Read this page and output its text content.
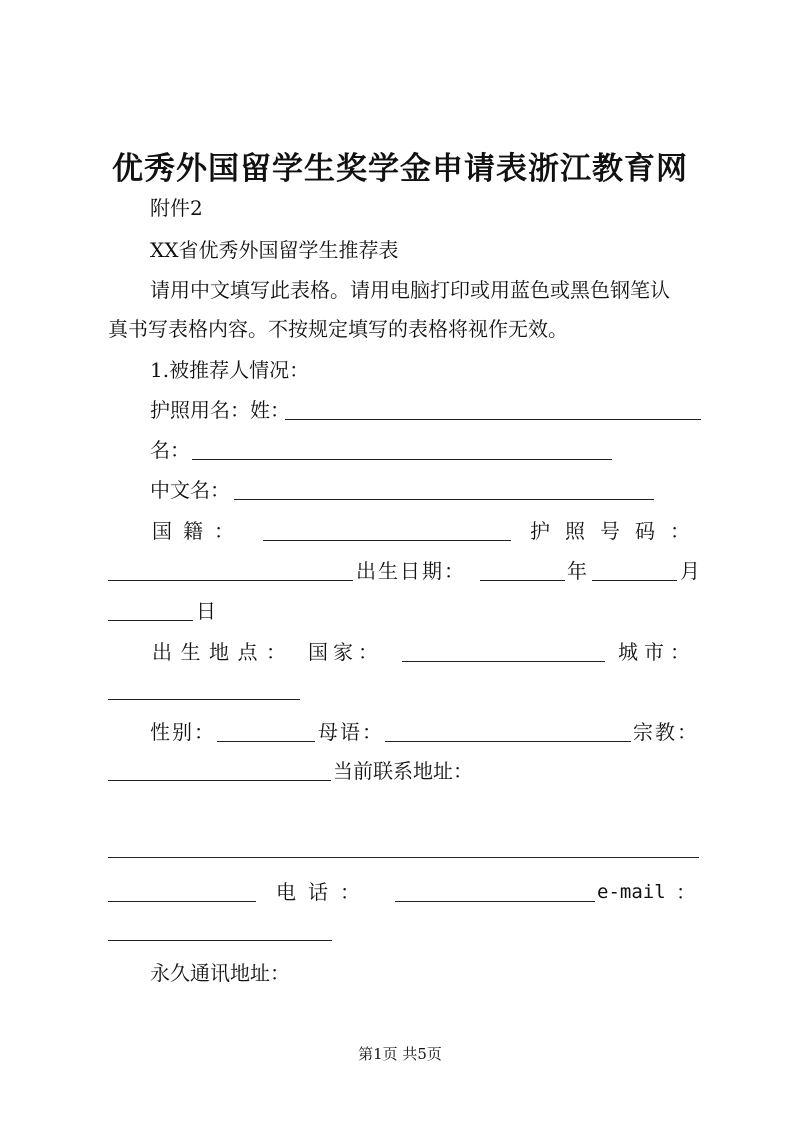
优秀外国留学生奖学金申请表浙江教育网
附件2
XX省优秀外国留学生推荐表
请用中文填写此表格。请用电脑打印或用蓝色或黑色钢笔认
真书写表格内容。不按规定填写的表格将视作无效。
1.被推荐人情况：
护照用名：姓：
名：
中文名：
国 籍 ：	护 照 号 码 ：
出生日期：	年	月
日
出 生 地 点 ： 国 家 ：	城 市 ：
性别：	母语：	宗教：
当前联系地址：
电 话 ：	e-mail ：
永久通讯地址：
第1页 共5页
